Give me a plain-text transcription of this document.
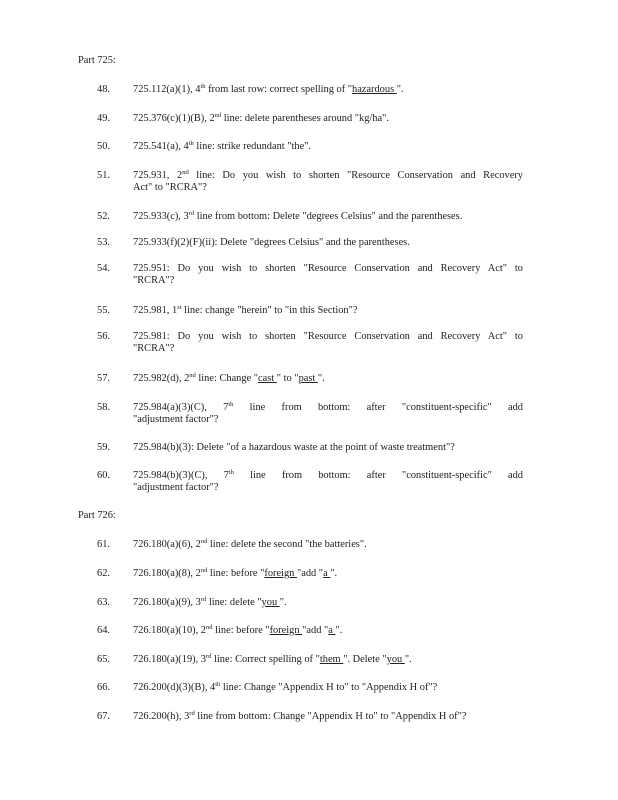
Part 725:
48. 725.112(a)(1), 4th from last row: correct spelling of "hazardous ".
49. 725.376(c)(1)(B), 2nd line: delete parentheses around "kg/ha".
50. 725.541(a), 4th line: strike redundant "the".
51. 725.931, 2nd line: Do you wish to shorten "Resource Conservation and Recovery
Act" to "RCRA"?
52. 725.933(c), 3rd line from bottom: Delete "degrees Celsius" and the parentheses.
53. 725.933(f)(2)(F)(ii): Delete "degrees Celsius" and the parentheses.
54. 725.951: Do you wish to shorten "Resource Conservation and Recovery Act" to
"RCRA"?
55. 725.981, 1st line: change "herein" to "in this Section"?
56. 725.981: Do you wish to shorten "Resource Conservation and Recovery Act" to
"RCRA"?
57. 725.982(d), 2nd line: Change "cast " to "past ".
58. 725.984(a)(3)(C), 7th line from bottom: after "constituent-specific" add
"adjustment factor"?
59. 725.984(b)(3): Delete "of a hazardous waste at the point of waste treatment"?
60. 725.984(b)(3)(C), 7th line from bottom: after "constituent-specific" add
"adjustment factor"?
Part 726:
61. 726.180(a)(6), 2nd line: delete the second "the batteries".
62. 726.180(a)(8), 2nd line: before "foreign "add "a ".
63. 726.180(a)(9), 3rd line: delete "you ".
64. 726.180(a)(10), 2nd line: before "foreign "add "a ".
65. 726.180(a)(19), 3rd line: Correct spelling of "them ". Delete "you ".
66. 726.200(d)(3)(B), 4th line: Change "Appendix H to" to "Appendix H of"?
67. 726.200(h), 3rd line from bottom: Change "Appendix H to" to "Appendix H of"?
